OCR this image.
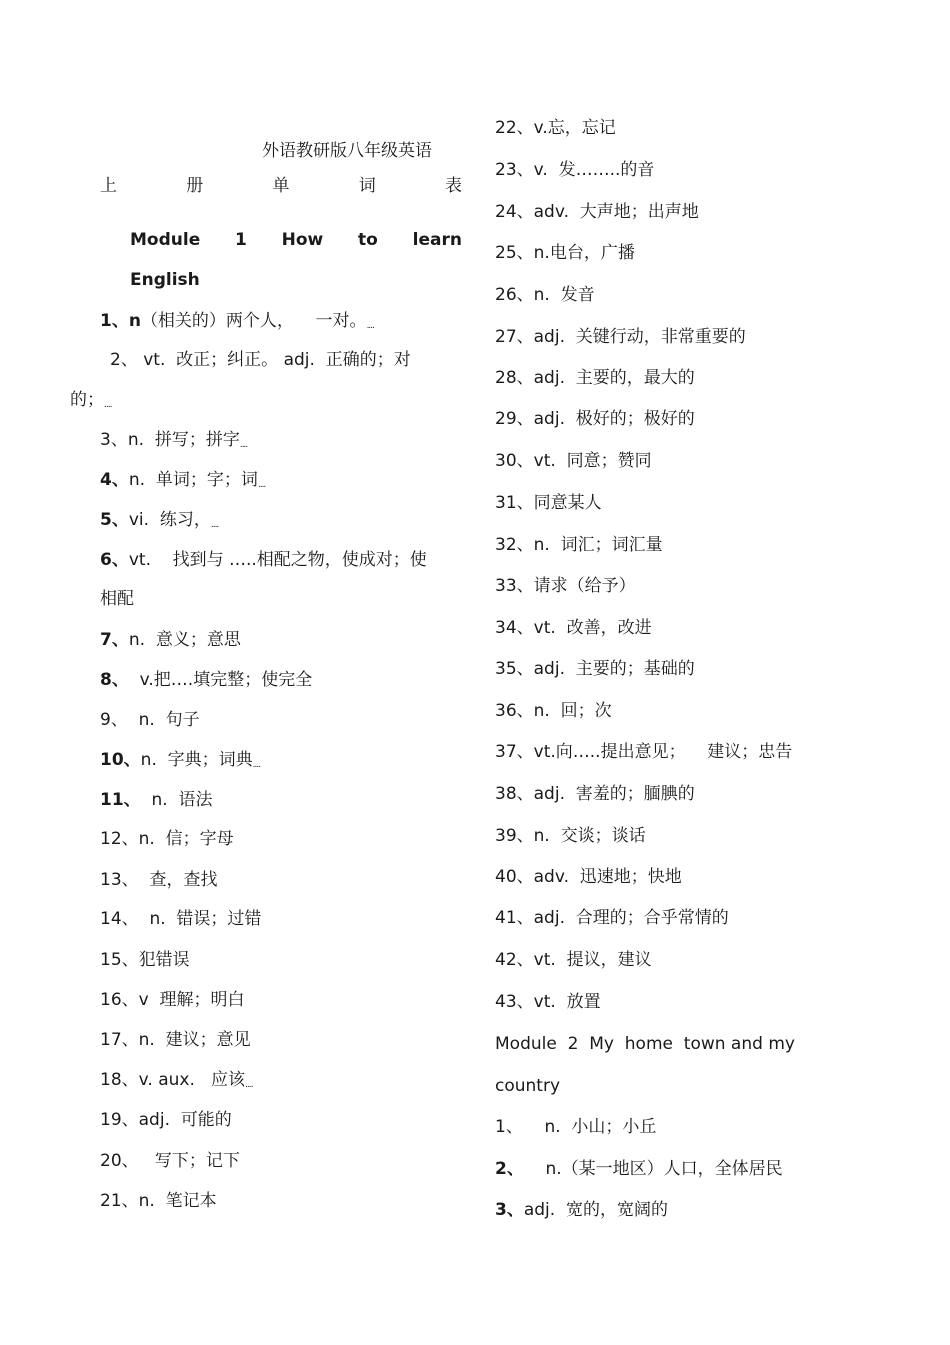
外语教研版八年级英语
上	册	单	词	表
Module 1 How to learn
English
1、n（相关的）两个人，    一对。....
2、 vt.  改正；纠正。 adj.  正确的；对
的；....
3、n.  拼写；拼字....
4、n.  单词；字；词....
5、vi.  练习，....
6、vt.    找到与 …..相配之物，使成对；使
相配
7、n.  意义；意思
8、  v.把….填完整；使完全
9、  n.  句子
10、n.  字典；词典....
11、  n.  语法
12、n.  信；字母
13、  查，查找
14、  n.  错误；过错
15、犯错误
16、v  理解；明白
17、n.  建议；意见
18、v. aux.   应该....
19、adj.  可能的
20、   写下；记下
21、n.  笔记本
22、v.忘，忘记
23、v.  发……..的音
24、adv.  大声地；出声地
25、n.电台，广播
26、n.  发音
27、adj.  关键行动，非常重要的
28、adj.  主要的，最大的
29、adj.  极好的；极好的
30、vt.  同意；赞同
31、同意某人
32、n.  词汇；词汇量
33、请求（给予）
34、vt.  改善，改进
35、adj.  主要的；基础的
36、n.  回；次
37、vt.向…..提出意见；    建议；忠告
38、adj.  害羞的；腼腆的
39、n.  交谈；谈话
40、adv.  迅速地；快地
41、adj.  合理的；合乎常情的
42、vt.  提议，建议
43、vt.  放置
Module  2  My  home  town and my
country
1、    n.  小山；小丘
2、    n.（某一地区）人口，全体居民
3、adj.  宽的，宽阔的
